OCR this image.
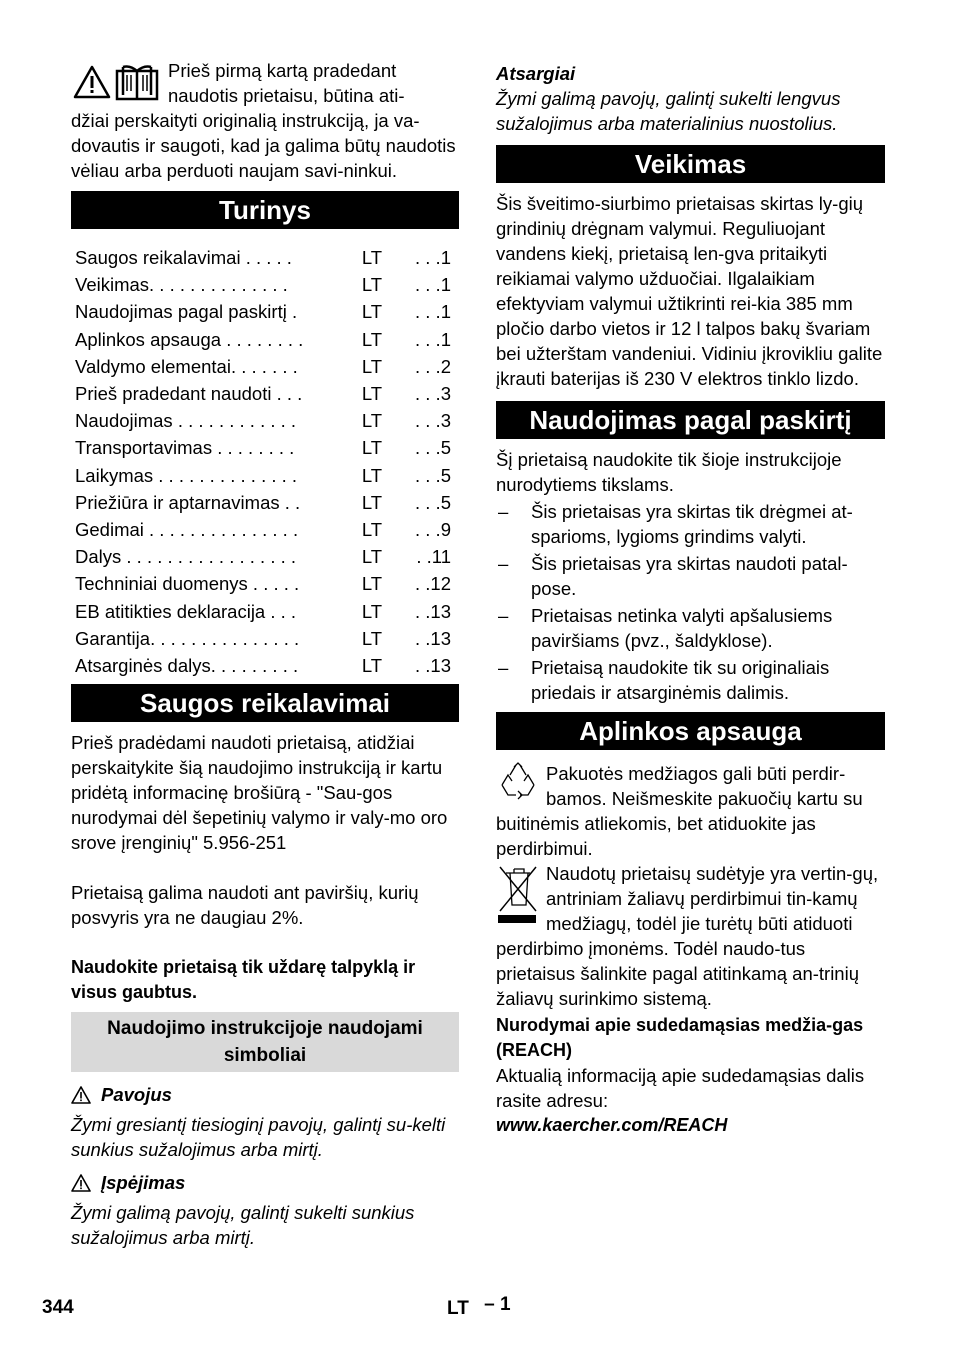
Prieš pirmą kartą pradedant

naudotis prietaisu, būtina ati-

džiai perskaityti originalią instrukciją, ja va-dovautis ir saugoti, kad ja galima būtų naudotis vėliau arba perduoti naujam savi-ninkui.

Turinys
Saugos reikalavimai . . . . .	LT	. . .1
Veikimas. . . . . . . . . . . . . .	LT	. . .1
Naudojimas pagal paskirtį .	LT	. . .1
Aplinkos apsauga . . . . . . . .	LT	. . .1
Valdymo elementai. . . . . . .	LT	. . .2
Prieš pradedant naudoti . . .	LT	. . .3
Naudojimas . . . . . . . . . . . .	LT	. . .3
Transportavimas . . . . . . . .	LT	. . .5
Laikymas . . . . . . . . . . . . . .	LT	. . .5
Priežiūra ir aptarnavimas . .	LT	. . .5
Gedimai . . . . . . . . . . . . . . .	LT	. . .9
Dalys . . . . . . . . . . . . . . . . .	LT	. .11
Techniniai duomenys . . . . .	LT	. .12
EB atitikties deklaracija . . .	LT	. .13
Garantija. . . . . . . . . . . . . . .	LT	. .13
Atsarginės dalys. . . . . . . . .	LT	. .13
Saugos reikalavimai

Prieš pradėdami naudoti prietaisą, atidžiai perskaitykite šią naudojimo instrukciją ir kartu pridėtą informacinę brošiūrą - "Sau-gos nurodymai dėl šepetinių valymo ir valy-mo oro srove įrenginių" 5.956-251

Prietaisą galima naudoti ant paviršių, kurių posvyris yra ne daugiau 2%.

Naudokite prietaisą tik uždarę talpyklą ir visus gaubtus.

Naudojimo instrukcijoje naudojami simboliai
Pavojus

Žymi gresiantį tiesioginį pavojų, galintį su-kelti sunkius sužalojimus arba mirtį.

Įspėjimas

Žymi galimą pavojų, galintį sukelti sunkius sužalojimus arba mirtį.

Atsargiai

Žymi galimą pavojų, galintį sukelti lengvus sužalojimus arba materialinius nuostolius.

Veikimas

Šis šveitimo-siurbimo prietaisas skirtas ly-gių grindinių drėgnam valymui. Reguliuojant vandens kiekį, prietaisą len-gva pritaikyti reikiamai valymo užduočiai. Ilgalaikiam efektyviam valymui užtikrinti rei-kia 385 mm pločio darbo vietos ir 12 l talpos bakų švariam bei užterštam vandeniui. Vidiniu įkrovikliu galite įkrauti baterijas iš 230 V elektros tinklo lizdo.

Naudojimas pagal paskirtį

Šį prietaisą naudokite tik šioje instrukcijoje nurodytiems tikslams.

–	Šis prietaisas yra skirtas tik drėgmei at-sparioms, lygioms grindims valyti.
–	Šis prietaisas yra skirtas naudoti patal-pose.
–	Prietaisas netinka valyti apšalusiems paviršiams (pvz., šaldyklose).
–	Prietaisą naudokite tik su originaliais priedais ir atsarginėmis dalimis.
Aplinkos apsauga

Pakuotės medžiagos gali būti perdir-bamos. Neišmeskite pakuočių kartu su buitinėmis atliekomis, bet atiduokite jas perdirbimui.

Naudotų prietaisų sudėtyje yra vertin-gų, antriniam žaliavų perdirbimui tin-kamų medžiagų, todėl jie turėtų būti atiduoti perdirbimo įmonėms. Todėl naudo-tus prietaisus šalinkite pagal atitinkamą an-trinių žaliavų surinkimo sistemą.

Nurodymai apie sudedamąsias medžia-gas (REACH)

Aktualią informaciją apie sudedamąsias dalis rasite adresu:

www.kaercher.com/REACH

344	LT – 1
